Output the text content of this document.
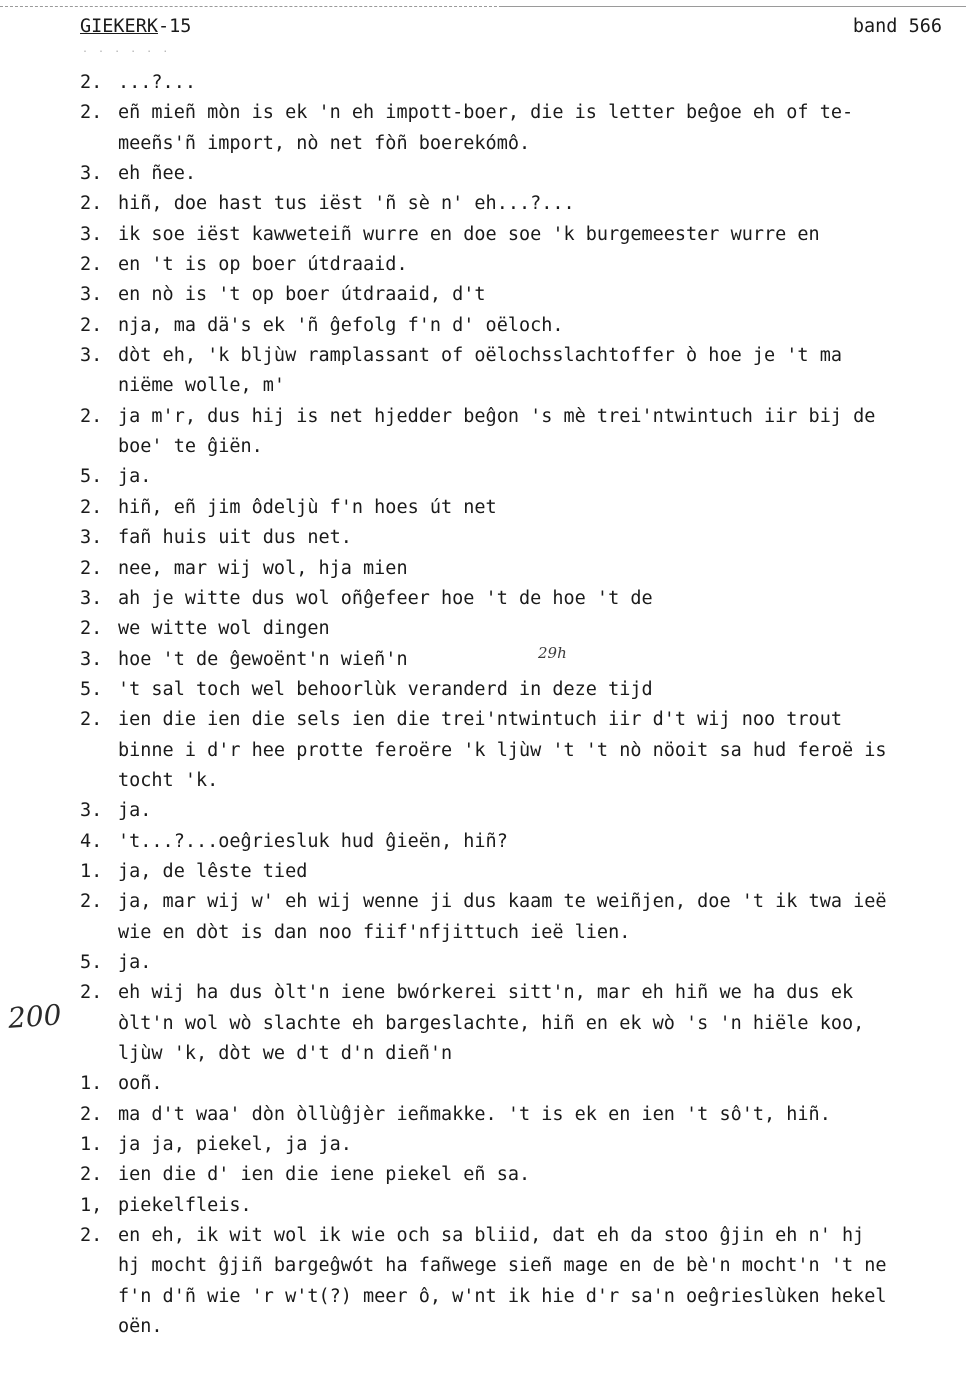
GIEKERK-15	band 566
. . . . . .
2. ...?...
2. eñ mieñ mòn is ek 'n eh impott-boer, die is letter beĝoe eh of te-
meeñs'ñ import, nò net fòñ boerekómô.
3. eh ñee.
2. hiñ, doe hast tus iëst 'ñ sè n' eh...?...
3. ik soe iëst kawweteiñ wurre en doe soe 'k burgemeester wurre en
2. en 't is op boer útdraaid.
3. en nò is 't op boer útdraaid, d't
2. nja, ma dä's ek 'ñ ĝefolg f'n d' oëloch.
3. dòt eh, 'k bljùw ramplassant of oëlochsslachtoffer ò hoe je 't ma
niëme wolle, m'
2. ja m'r, dus hij is net hjedder beĝon 's mè trei'ntwintuch iir bij de
boe' te ĝiën.
5. ja.
2. hiñ, eñ jim ôdeljù f'n hoes út net
3. fañ huis uit dus net.
2. nee, mar wij wol, hja mien
3. ah je witte dus wol oñĝefeer hoe 't de hoe 't de
2. we witte wol dingen
3. hoe 't de ĝewoënt'n wieñ'n
5. 't sal toch wel behoorlùk veranderd in deze tijd
2. ien die ien die sels ien die trei'ntwintuch iir d't wij noo trout
binne i d'r hee protte feroëre 'k ljùw 't 't nò nöoit sa hud feroë is
tocht 'k.
3. ja.
4. 't...?...oeĝriesluk hud ĝieën, hiñ?
1. ja, de lêste tied
2. ja, mar wij w' eh wij wenne ji dus kaam te weiñjen, doe 't ik twa ieë
wie en dòt is dan noo fiif'nfjittuch ieë lien.
5. ja.
2. eh wij ha dus òlt'n iene bwórkerei sitt'n, mar eh hiñ we ha dus ek
òlt'n wol wò slachte eh bargeslachte, hiñ en ek wò 's 'n hiële koo,
ljùw 'k, dòt we d't d'n dieñ'n
1. ooñ.
2. ma d't waa' dòn òllùĝjèr ieñmakke. 't is ek en ien 't sô't, hiñ.
1. ja ja, piekel, ja ja.
2. ien die d' ien die iene piekel eñ sa.
1, piekelfleis.
2. en eh, ik wit wol ik wie och sa bliid, dat eh da stoo ĝjin eh n' hj
hj mocht ĝjiñ bargeĝwót ha fañwege sieñ mage en de bè'n mocht'n 't ne
f'n d'ñ wie 'r w't(?) meer ô, w'nt ik hie d'r sa'n oeĝrieslùken hekel
oën.
29h
200
